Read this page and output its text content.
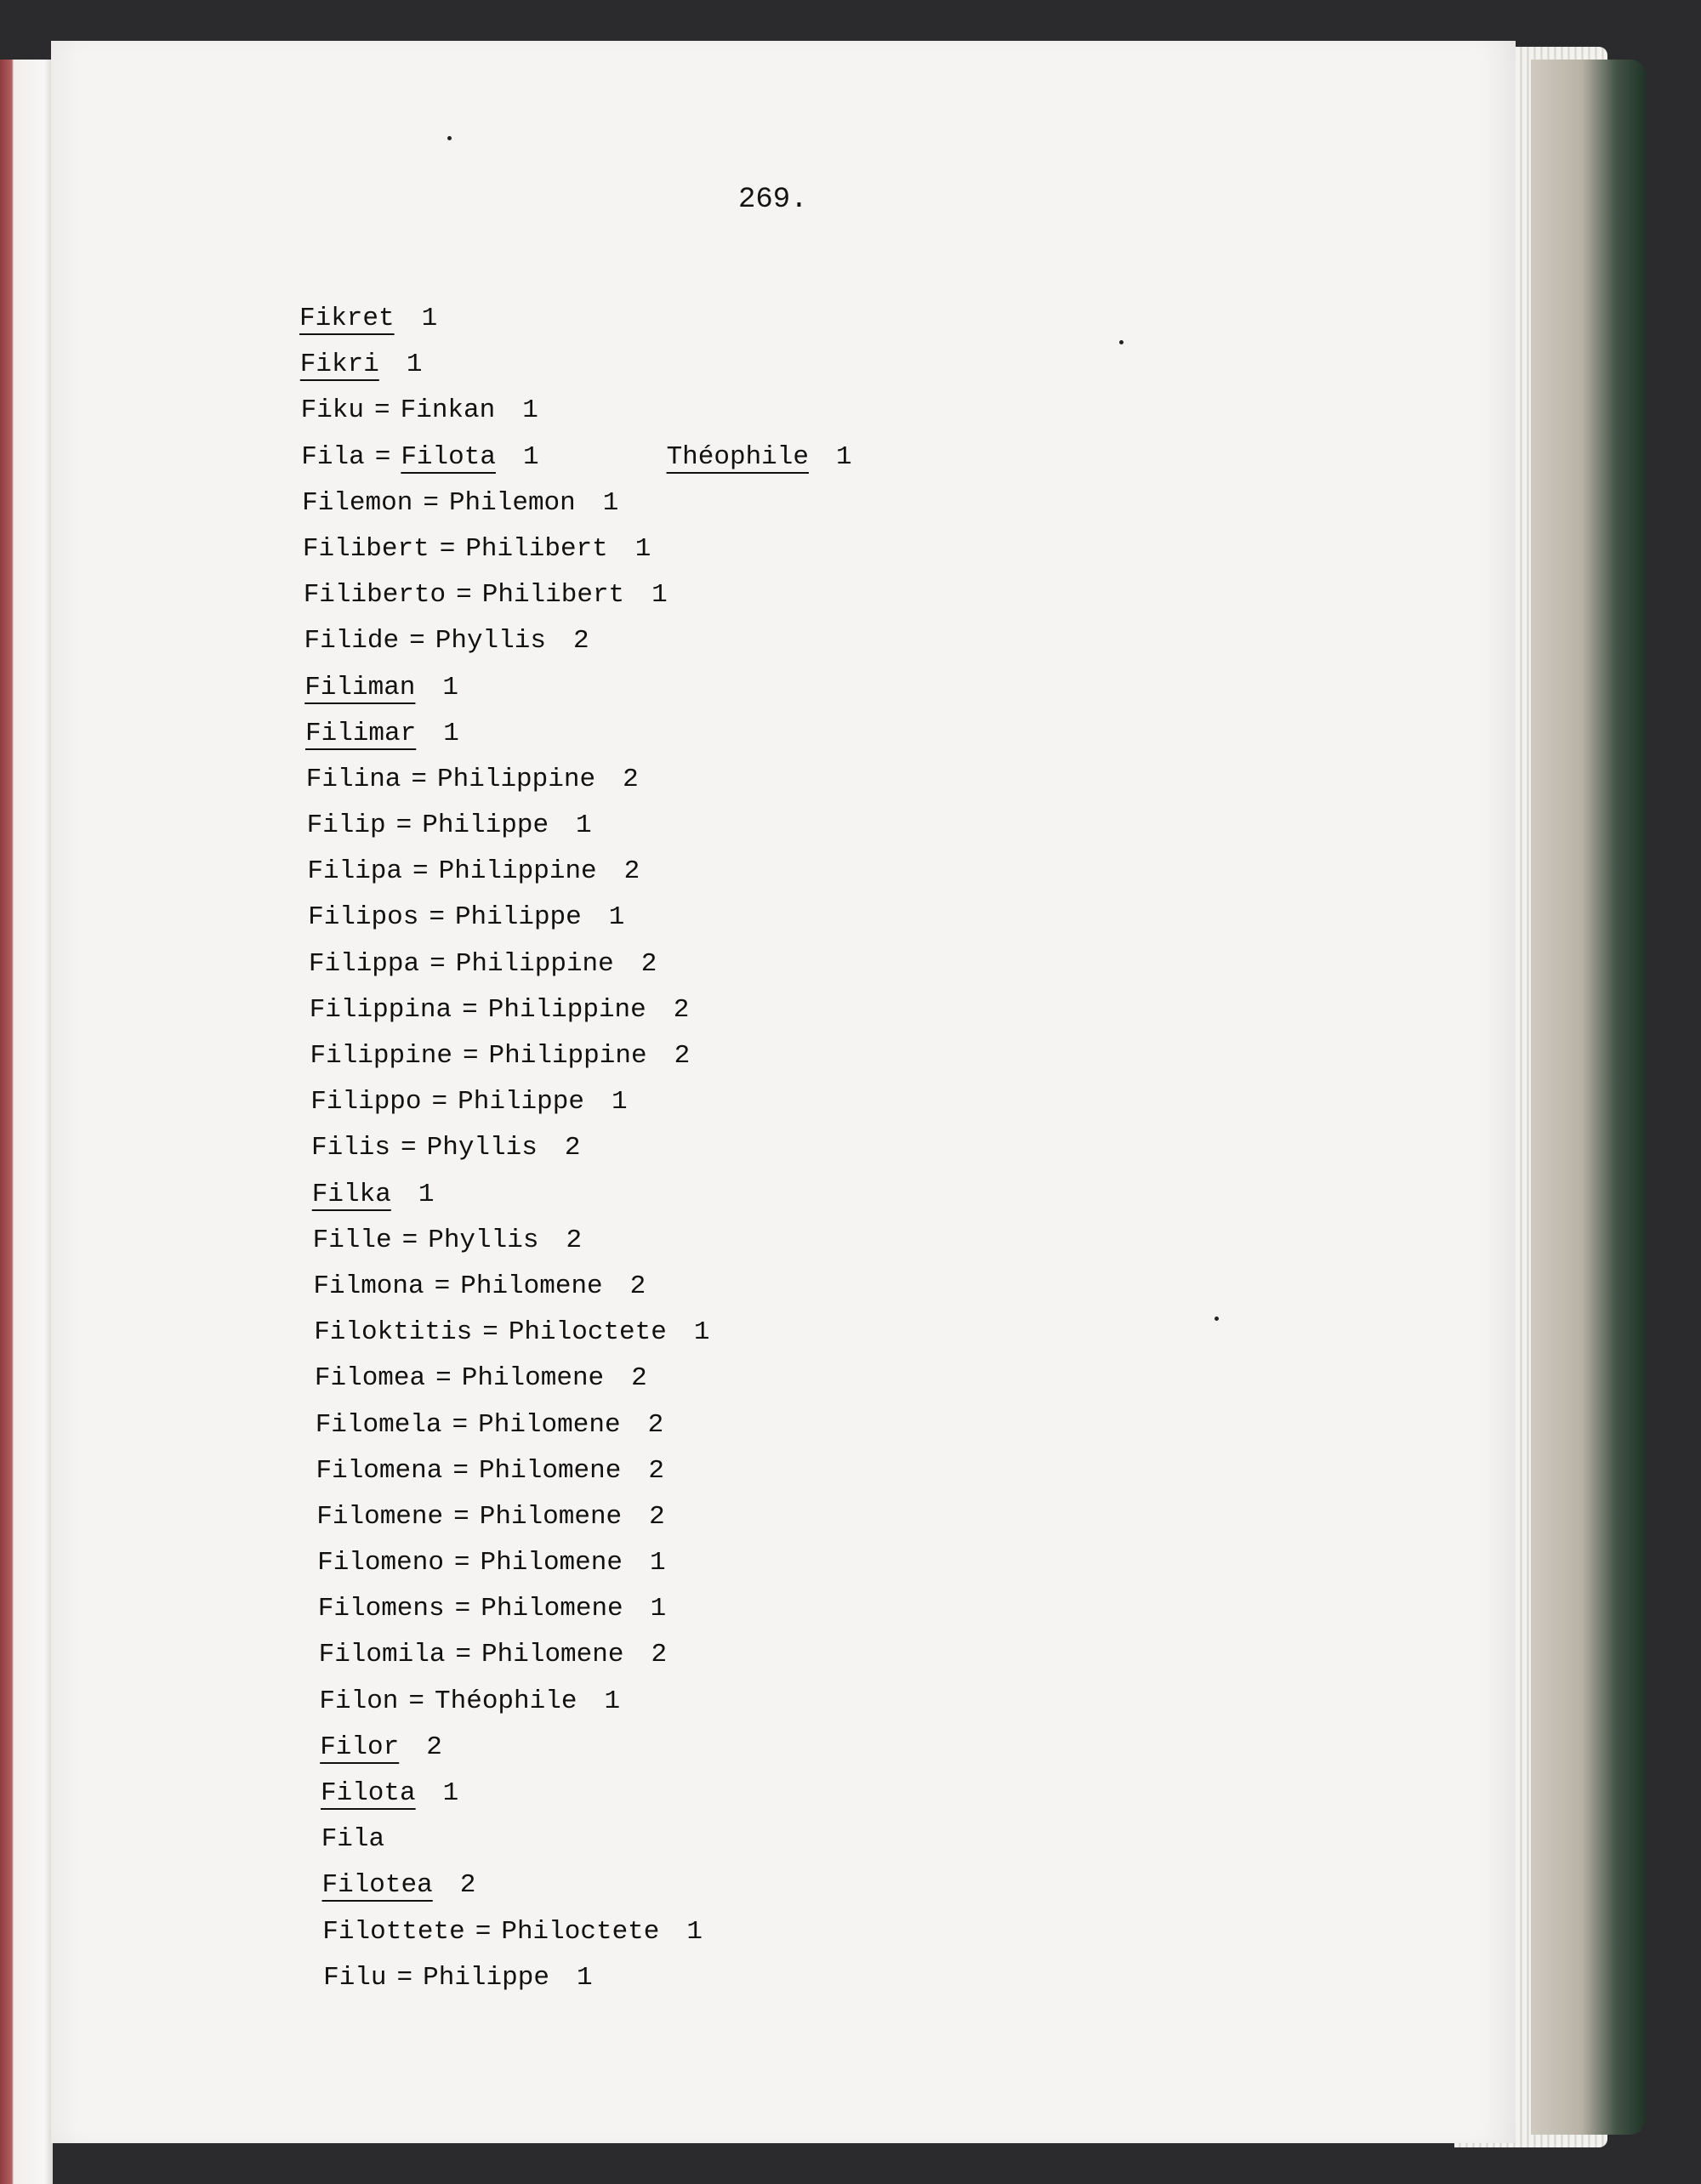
269.
Fikret 1
Fikri 1
Fiku = Finkan 1
Fila = Filota 1	Théophile 1
Filemon = Philemon 1
Filibert = Philibert 1
Filiberto = Philibert 1
Filide = Phyllis 2
Filiman 1
Filimar 1
Filina = Philippine 2
Filip = Philippe 1
Filipa = Philippine 2
Filipos = Philippe 1
Filippa = Philippine 2
Filippina = Philippine 2
Filippine = Philippine 2
Filippo = Philippe 1
Filis = Phyllis 2
Filka 1
Fille = Phyllis 2
Filmona = Philomene 2
Filoktitis = Philoctete 1
Filomea = Philomene 2
Filomela = Philomene 2
Filomena = Philomene 2
Filomene = Philomene 2
Filomeno = Philomene 1
Filomens = Philomene 1
Filomila = Philomene 2
Filon = Théophile 1
Filor 2
Filota 1
Fila
Filotea 2
Filottete = Philoctete 1
Filu = Philippe 1
